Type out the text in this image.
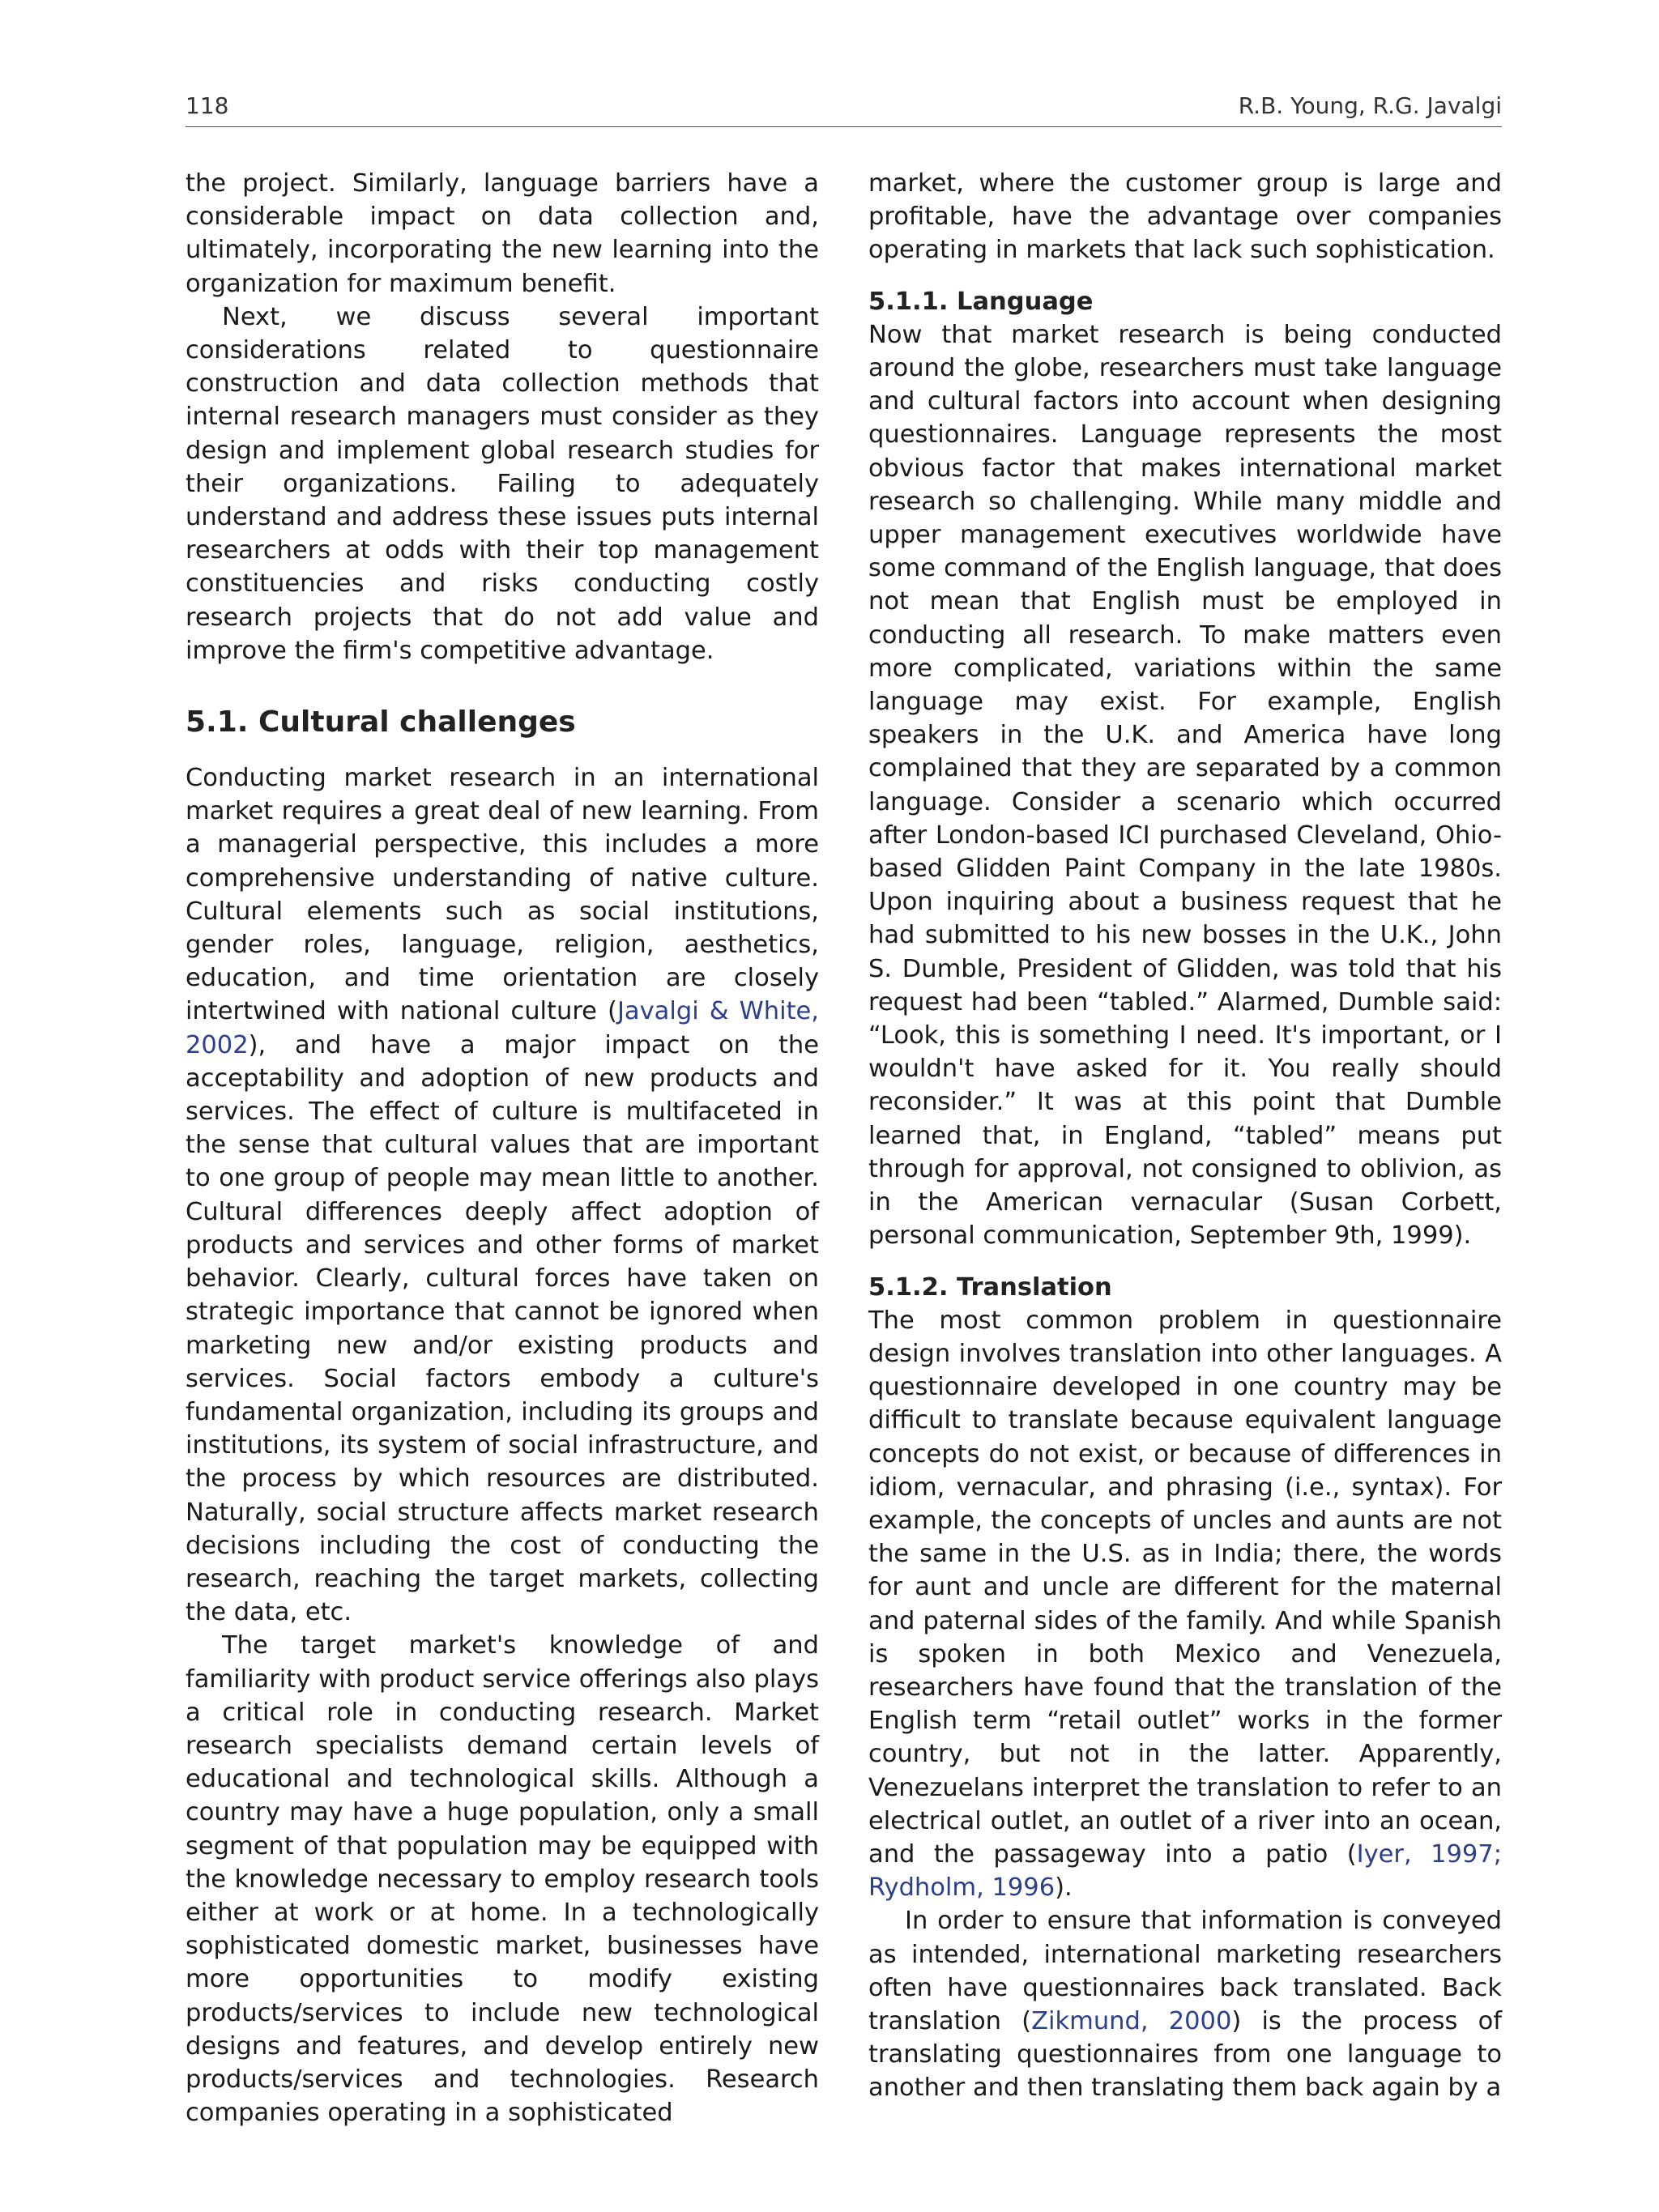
118	R.B. Young, R.G. Javalgi

the project. Similarly, language barriers have a considerable impact on data collection and, ultimately, incorporating the new learning into the organization for maximum benefit.

Next, we discuss several important considerations related to questionnaire construction and data collection methods that internal research managers must consider as they design and implement global research studies for their organizations. Failing to adequately understand and address these issues puts internal researchers at odds with their top management constituencies and risks conducting costly research projects that do not add value and improve the firm's competitive advantage.

5.1. Cultural challenges

Conducting market research in an international market requires a great deal of new learning. From a managerial perspective, this includes a more comprehensive understanding of native culture. Cultural elements such as social institutions, gender roles, language, religion, aesthetics, education, and time orientation are closely intertwined with national culture (Javalgi & White, 2002), and have a major impact on the acceptability and adoption of new products and services. The effect of culture is multifaceted in the sense that cultural values that are important to one group of people may mean little to another. Cultural differences deeply affect adoption of products and services and other forms of market behavior. Clearly, cultural forces have taken on strategic importance that cannot be ignored when marketing new and/or existing products and services. Social factors embody a culture's fundamental organization, including its groups and institutions, its system of social infrastructure, and the process by which resources are distributed. Naturally, social structure affects market research decisions including the cost of conducting the research, reaching the target markets, collecting the data, etc.

The target market's knowledge of and familiarity with product service offerings also plays a critical role in conducting research. Market research specialists demand certain levels of educational and technological skills. Although a country may have a huge population, only a small segment of that population may be equipped with the knowledge necessary to employ research tools either at work or at home. In a technologically sophisticated domestic market, businesses have more opportunities to modify existing products/services to include new technological designs and features, and develop entirely new products/services and technologies. Research companies operating in a sophisticated

market, where the customer group is large and profitable, have the advantage over companies operating in markets that lack such sophistication.

5.1.1. Language

Now that market research is being conducted around the globe, researchers must take language and cultural factors into account when designing questionnaires. Language represents the most obvious factor that makes international market research so challenging. While many middle and upper management executives worldwide have some command of the English language, that does not mean that English must be employed in conducting all research. To make matters even more complicated, variations within the same language may exist. For example, English speakers in the U.K. and America have long complained that they are separated by a common language. Consider a scenario which occurred after London-based ICI purchased Cleveland, Ohio-based Glidden Paint Company in the late 1980s. Upon inquiring about a business request that he had submitted to his new bosses in the U.K., John S. Dumble, President of Glidden, was told that his request had been “tabled.” Alarmed, Dumble said: “Look, this is something I need. It's important, or I wouldn't have asked for it. You really should reconsider.” It was at this point that Dumble learned that, in England, “tabled” means put through for approval, not consigned to oblivion, as in the American vernacular (Susan Corbett, personal communication, September 9th, 1999).

5.1.2. Translation

The most common problem in questionnaire design involves translation into other languages. A questionnaire developed in one country may be difficult to translate because equivalent language concepts do not exist, or because of differences in idiom, vernacular, and phrasing (i.e., syntax). For example, the concepts of uncles and aunts are not the same in the U.S. as in India; there, the words for aunt and uncle are different for the maternal and paternal sides of the family. And while Spanish is spoken in both Mexico and Venezuela, researchers have found that the translation of the English term “retail outlet” works in the former country, but not in the latter. Apparently, Venezuelans interpret the translation to refer to an electrical outlet, an outlet of a river into an ocean, and the passageway into a patio (Iyer, 1997; Rydholm, 1996).

In order to ensure that information is conveyed as intended, international marketing researchers often have questionnaires back translated. Back translation (Zikmund, 2000) is the process of translating questionnaires from one language to another and then translating them back again by a
